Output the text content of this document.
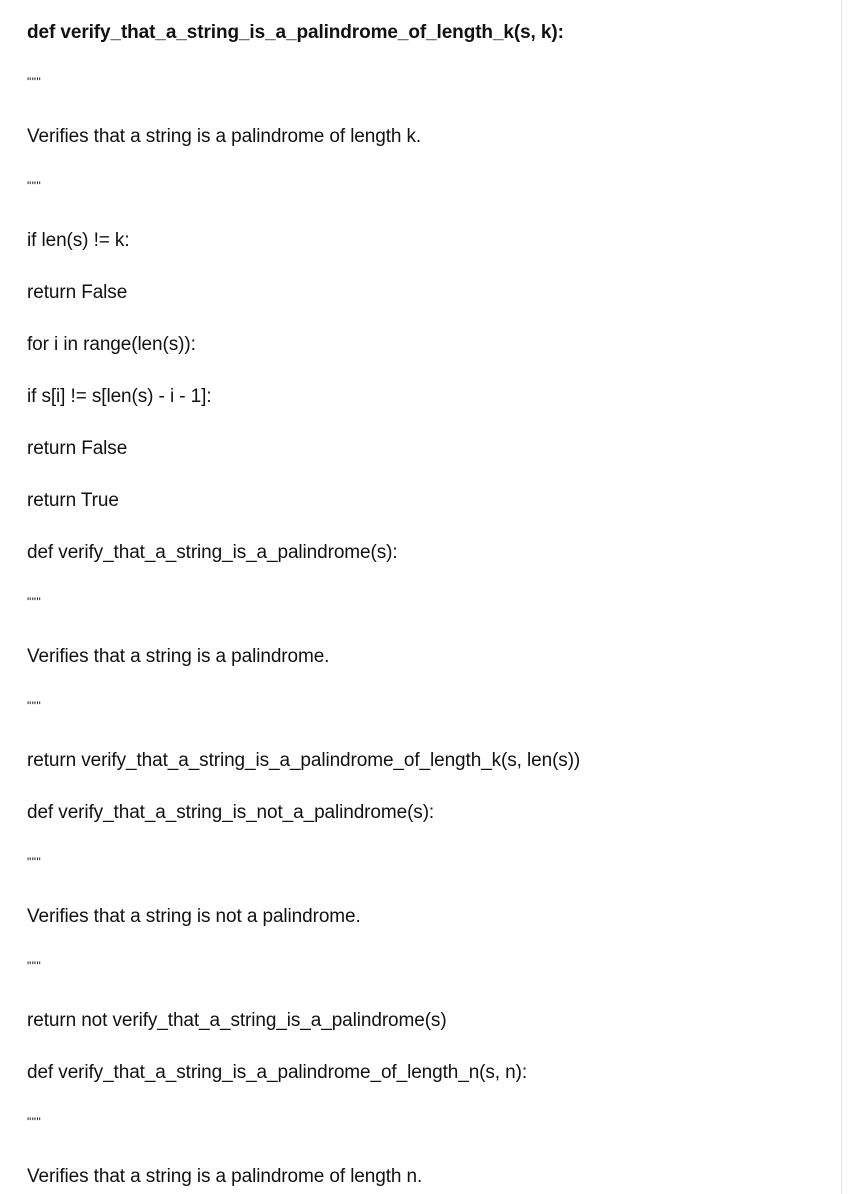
def verify_that_a_string_is_a_palindrome_of_length_k(s, k):
"""
Verifies that a string is a palindrome of length k.
"""
if len(s) != k:
return False
for i in range(len(s)):
if s[i] != s[len(s) - i - 1]:
return False
return True
def verify_that_a_string_is_a_palindrome(s):
"""
Verifies that a string is a palindrome.
"""
return verify_that_a_string_is_a_palindrome_of_length_k(s, len(s))
def verify_that_a_string_is_not_a_palindrome(s):
"""
Verifies that a string is not a palindrome.
"""
return not verify_that_a_string_is_a_palindrome(s)
def verify_that_a_string_is_a_palindrome_of_length_n(s, n):
"""
Verifies that a string is a palindrome of length n.
